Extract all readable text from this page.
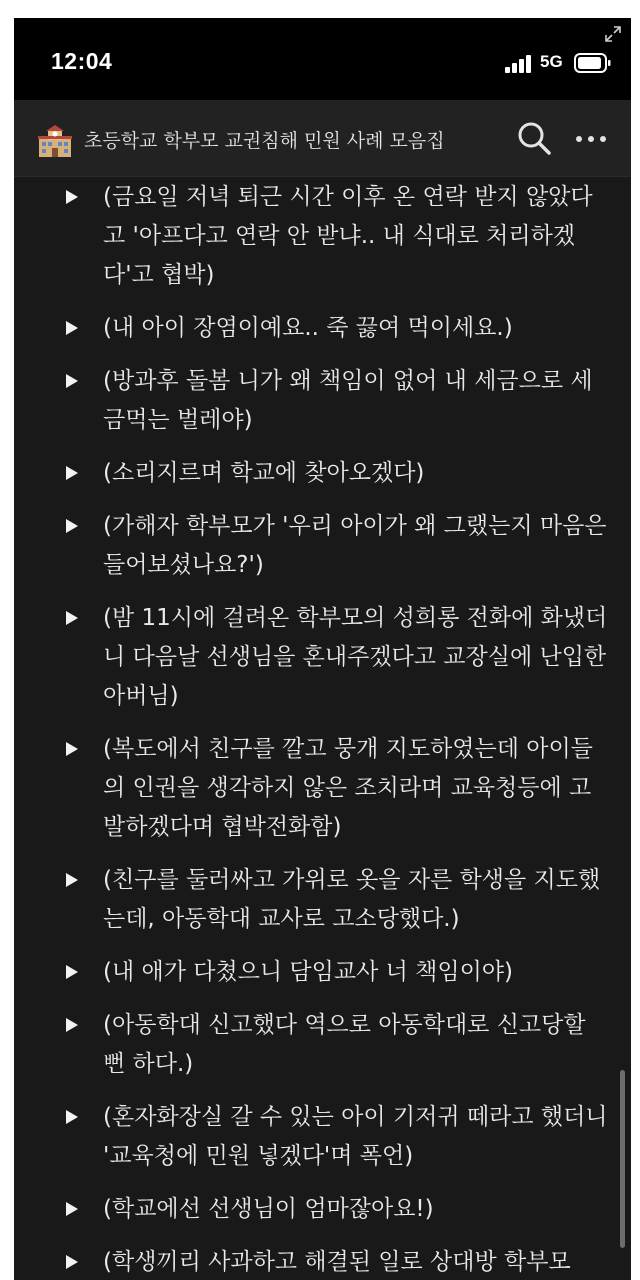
12:04	5G
초등학교 학부모 교권침해 민원 사례 모음집
(금요일 저녁 퇴근 시간 이후 온 연락 받지 않았다고 '아프다고 연락 안 받냐.. 내 식대로 처리하겠다'고 협박)
(내 아이 장염이예요.. 죽 끓여 먹이세요.)
(방과후 돌봄 니가 왜 책임이 없어 내 세금으로 세금먹는 벌레야)
(소리지르며 학교에 찾아오겠다)
(가해자 학부모가 '우리 아이가 왜 그랬는지 마음은 들어보셨나요?')
(밤 11시에 걸려온 학부모의 성희롱 전화에 화냈더니 다음날 선생님을 혼내주겠다고 교장실에 난입한 아버님)
(복도에서 친구를 깔고 뭉개 지도하였는데 아이들의 인권을 생각하지 않은 조치라며 교육청등에 고발하겠다며 협박전화함)
(친구를 둘러싸고 가위로 옷을 자른 학생을 지도했는데, 아동학대 교사로 고소당했다.)
(내 애가 다쳤으니 담임교사 너 책임이야)
(아동학대 신고했다 역으로 아동학대로 신고당할 뻔 하다.)
(혼자화장실 갈 수 있는 아이 기저귀 떼라고 했더니 '교육청에 민원 넣겠다'며 폭언)
(학교에선 선생님이 엄마잖아요!)
(학생끼리 사과하고 해결된 일로 상대방 학부모
